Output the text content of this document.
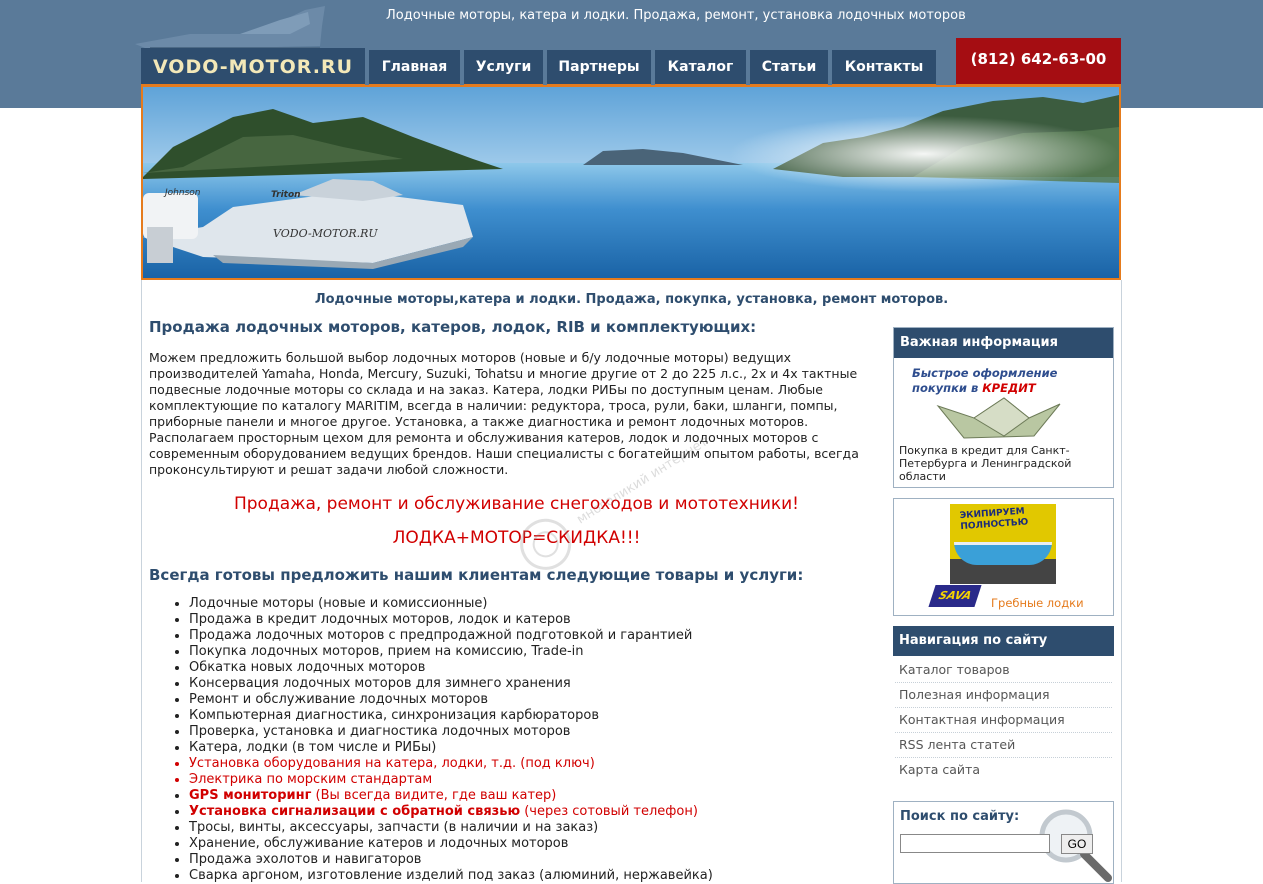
Лодочные моторы, катера и лодки. Продажа, ремонт, установка лодочных моторов
VODO-MOTOR.RU	Главная	Услуги	Партнеры	Каталог	Статьи	Контакты	(812) 642-63-00
Johnson	Triton
VODO-MOTOR.RU
Лодочные моторы,катера и лодки. Продажа, покупка, установка, ремонт моторов.
Продажа лодочных моторов, катеров, лодок, RIB и комплектующих:
Можем предложить большой выбор лодочных моторов (новые и б/у лодочные моторы) ведущих производителей Yamaha, Honda, Mercury, Suzuki, Tohatsu и многие другие от 2 до 225 л.с., 2х и 4х тактные подвесные лодочные моторы со склада и на заказ. Катера, лодки РИБы по доступным ценам. Любые комплектующие по каталогу MARITIM, всегда в наличии: редуктора, троса, рули, баки, шланги, помпы, приборные панели и многое другое. Установка, а также диагностика и ремонт лодочных моторов. Располагаем просторным цехом для ремонта и обслуживания катеров, лодок и лодочных моторов с современным оборудованием ведущих брендов. Наши специалисты с богатейшим опытом работы, всегда проконсультируют и решат задачи любой сложности.
Продажа, ремонт и обслуживание снегоходов и мототехники!
ЛОДКА+МОТОР=СКИДКА!!!
Всегда готовы предложить нашим клиентам следующие товары и услуги:
• Лодочные моторы (новые и комиссионные)
• Продажа в кредит лодочных моторов, лодок и катеров
• Продажа лодочных моторов с предпродажной подготовкой и гарантией
• Покупка лодочных моторов, прием на комиссию, Trade-in
• Обкатка новых лодочных моторов
• Консервация лодочных моторов для зимнего хранения
• Ремонт и обслуживание лодочных моторов
• Компьютерная диагностика, синхронизация карбюраторов
• Проверка, установка и диагностика лодочных моторов
• Катера, лодки (в том числе и РИБы)
• Установка оборудования на катера, лодки, т.д. (под ключ)
• Электрика по морским стандартам
• GPS мониторинг (Вы всегда видите, где ваш катер)
• Установка сигнализации с обратной связью (через сотовый телефон)
• Тросы, винты, аксессуары, запчасти (в наличии и на заказ)
• Хранение, обслуживание катеров и лодочных моторов
• Продажа эхолотов и навигаторов
• Сварка аргоном, изготовление изделий под заказ (алюминий, нержавейка)
многоликий интернет
Важная информация
Быстрое оформление
покупки в КРЕДИТ
Покупка в кредит для Санкт-Петербурга и Ленинградской области
ЭКИПИРУЕМ ПОЛНОСТЬЮ
SAVA
Гребные лодки
Навигация по сайту
Каталог товаров
Полезная информация
Контактная информация
RSS лента статей
Карта сайта
Поиск по сайту:
GO
